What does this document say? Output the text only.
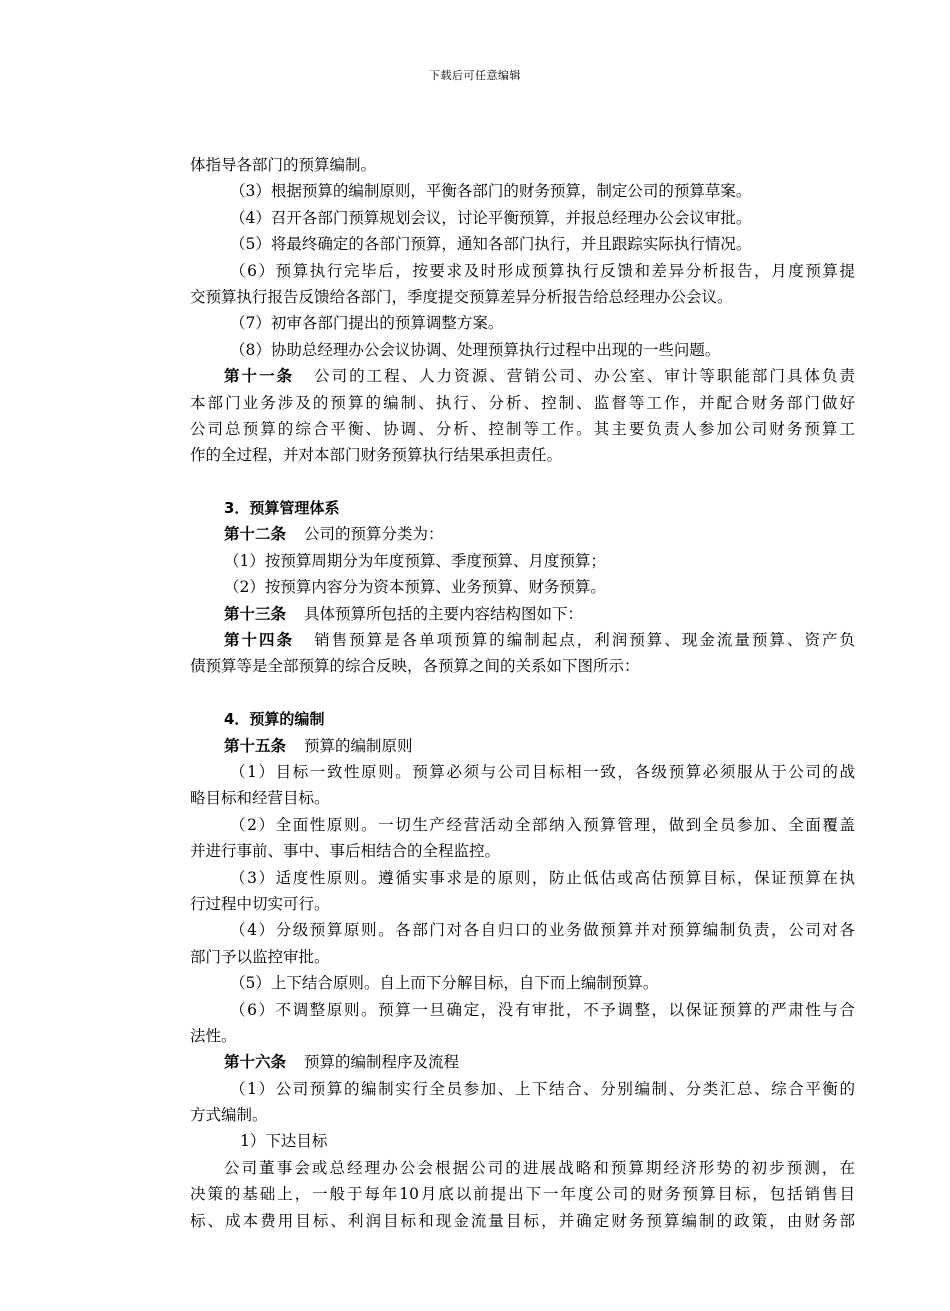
下载后可任意编辑
体指导各部门的预算编制。
（3）根据预算的编制原则，平衡各部门的财务预算，制定公司的预算草案。
（4）召开各部门预算规划会议，讨论平衡预算，并报总经理办公会议审批。
（5）将最终确定的各部门预算，通知各部门执行，并且跟踪实际执行情况。
（6）预算执行完毕后，按要求及时形成预算执行反馈和差异分析报告，月度预算提
交预算执行报告反馈给各部门，季度提交预算差异分析报告给总经理办公会议。
（7）初审各部门提出的预算调整方案。
（8）协助总经理办公会议协调、处理预算执行过程中出现的一些问题。
第十一条 公司的工程、人力资源、营销公司、办公室、审计等职能部门具体负责
本部门业务涉及的预算的编制、执行、分析、控制、监督等工作，并配合财务部门做好
公司总预算的综合平衡、协调、分析、控制等工作。其主要负责人参加公司财务预算工
作的全过程，并对本部门财务预算执行结果承担责任。
3．预算管理体系
第十二条 公司的预算分类为：
（1）按预算周期分为年度预算、季度预算、月度预算；
（2）按预算内容分为资本预算、业务预算、财务预算。
第十三条 具体预算所包括的主要内容结构图如下：
第十四条 销售预算是各单项预算的编制起点，利润预算、现金流量预算、资产负
债预算等是全部预算的综合反映，各预算之间的关系如下图所示：
4．预算的编制
第十五条 预算的编制原则
（1）目标一致性原则。预算必须与公司目标相一致，各级预算必须服从于公司的战
略目标和经营目标。
（2）全面性原则。一切生产经营活动全部纳入预算管理，做到全员参加、全面覆盖
并进行事前、事中、事后相结合的全程监控。
（3）适度性原则。遵循实事求是的原则，防止低估或高估预算目标，保证预算在执
行过程中切实可行。
（4）分级预算原则。各部门对各自归口的业务做预算并对预算编制负责，公司对各
部门予以监控审批。
（5）上下结合原则。自上而下分解目标，自下而上编制预算。
（6）不调整原则。预算一旦确定，没有审批，不予调整，以保证预算的严肃性与合
法性。
第十六条 预算的编制程序及流程
（1）公司预算的编制实行全员参加、上下结合、分别编制、分类汇总、综合平衡的
方式编制。
1）下达目标
公司董事会或总经理办公会根据公司的进展战略和预算期经济形势的初步预测，在
决策的基础上，一般于每年10月底以前提出下一年度公司的财务预算目标，包括销售目
标、成本费用目标、利润目标和现金流量目标，并确定财务预算编制的政策，由财务部
